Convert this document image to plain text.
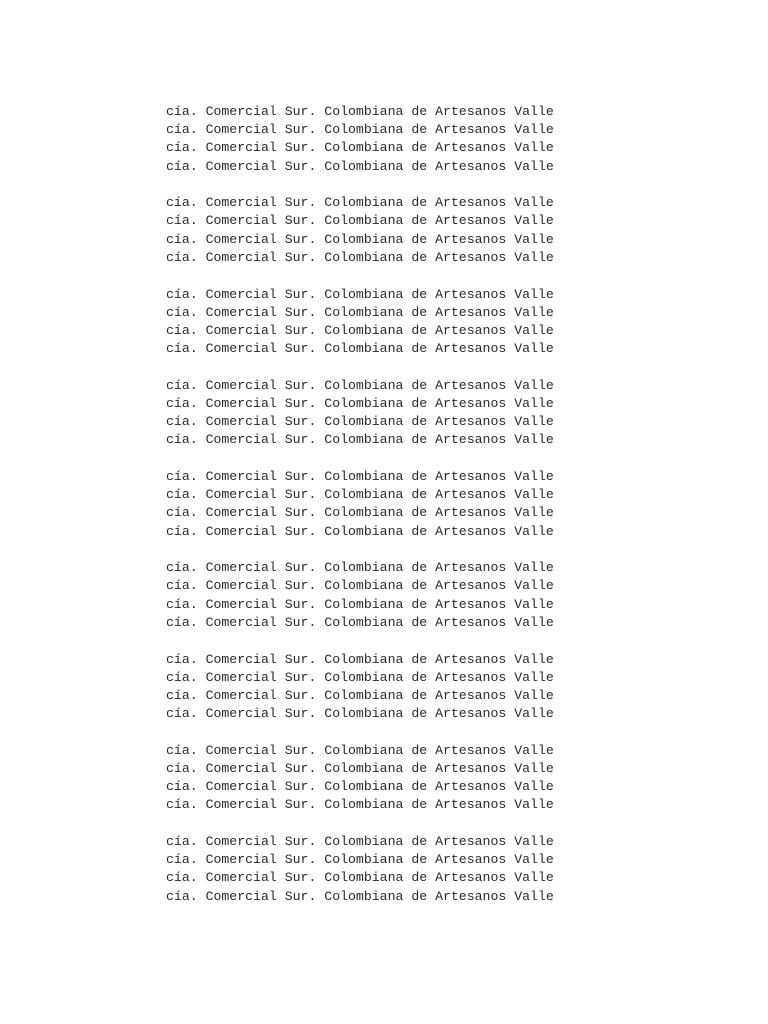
cía. Comercial Sur. Colombiana de Artesanos Valle
cía. Comercial Sur. Colombiana de Artesanos Valle
cía. Comercial Sur. Colombiana de Artesanos Valle
cía. Comercial Sur. Colombiana de Artesanos Valle
cía. Comercial Sur. Colombiana de Artesanos Valle
cía. Comercial Sur. Colombiana de Artesanos Valle
cía. Comercial Sur. Colombiana de Artesanos Valle
cía. Comercial Sur. Colombiana de Artesanos Valle
cía. Comercial Sur. Colombiana de Artesanos Valle
cía. Comercial Sur. Colombiana de Artesanos Valle
cía. Comercial Sur. Colombiana de Artesanos Valle
cía. Comercial Sur. Colombiana de Artesanos Valle
cía. Comercial Sur. Colombiana de Artesanos Valle
cía. Comercial Sur. Colombiana de Artesanos Valle
cía. Comercial Sur. Colombiana de Artesanos Valle
cía. Comercial Sur. Colombiana de Artesanos Valle
cía. Comercial Sur. Colombiana de Artesanos Valle
cía. Comercial Sur. Colombiana de Artesanos Valle
cía. Comercial Sur. Colombiana de Artesanos Valle
cía. Comercial Sur. Colombiana de Artesanos Valle
cía. Comercial Sur. Colombiana de Artesanos Valle
cía. Comercial Sur. Colombiana de Artesanos Valle
cía. Comercial Sur. Colombiana de Artesanos Valle
cía. Comercial Sur. Colombiana de Artesanos Valle
cía. Comercial Sur. Colombiana de Artesanos Valle
cía. Comercial Sur. Colombiana de Artesanos Valle
cía. Comercial Sur. Colombiana de Artesanos Valle
cía. Comercial Sur. Colombiana de Artesanos Valle
cía. Comercial Sur. Colombiana de Artesanos Valle
cía. Comercial Sur. Colombiana de Artesanos Valle
cía. Comercial Sur. Colombiana de Artesanos Valle
cía. Comercial Sur. Colombiana de Artesanos Valle
cía. Comercial Sur. Colombiana de Artesanos Valle
cía. Comercial Sur. Colombiana de Artesanos Valle
cía. Comercial Sur. Colombiana de Artesanos Valle
cía. Comercial Sur. Colombiana de Artesanos Valle
